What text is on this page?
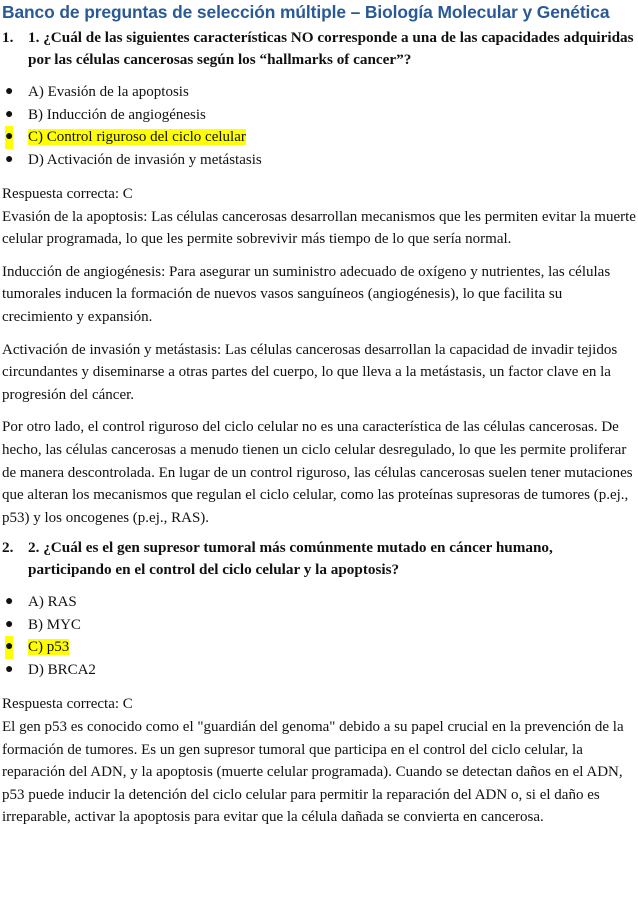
Banco de preguntas de selección múltiple – Biología Molecular y Genética
1. 1. ¿Cuál de las siguientes características NO corresponde a una de las capacidades adquiridas por las células cancerosas según los “hallmarks of cancer”?
● A) Evasión de la apoptosis
● B) Inducción de angiogénesis
● C) Control riguroso del ciclo celular
● D) Activación de invasión y metástasis

Respuesta correcta: C

Evasión de la apoptosis: Las células cancerosas desarrollan mecanismos que les permiten evitar la muerte celular programada, lo que les permite sobrevivir más tiempo de lo que sería normal.

Inducción de angiogénesis: Para asegurar un suministro adecuado de oxígeno y nutrientes, las células tumorales inducen la formación de nuevos vasos sanguíneos (angiogénesis), lo que facilita su crecimiento y expansión.

Activación de invasión y metástasis: Las células cancerosas desarrollan la capacidad de invadir tejidos circundantes y diseminarse a otras partes del cuerpo, lo que lleva a la metástasis, un factor clave en la progresión del cáncer.

Por otro lado, el control riguroso del ciclo celular no es una característica de las células cancerosas. De hecho, las células cancerosas a menudo tienen un ciclo celular desregulado, lo que les permite proliferar de manera descontrolada. En lugar de un control riguroso, las células cancerosas suelen tener mutaciones que alteran los mecanismos que regulan el ciclo celular, como las proteínas supresoras de tumores (p.ej., p53) y los oncogenes (p.ej., RAS).

2. 2. ¿Cuál es el gen supresor tumoral más comúnmente mutado en cáncer humano, participando en el control del ciclo celular y la apoptosis?
● A) RAS
● B) MYC
● C) p53
● D) BRCA2

Respuesta correcta: C

El gen p53 es conocido como el "guardián del genoma" debido a su papel crucial en la prevención de la formación de tumores. Es un gen supresor tumoral que participa en el control del ciclo celular, la reparación del ADN, y la apoptosis (muerte celular programada). Cuando se detectan daños en el ADN, p53 puede inducir la detención del ciclo celular para permitir la reparación del ADN o, si el daño es irreparable, activar la apoptosis para evitar que la célula dañada se convierta en cancerosa.
